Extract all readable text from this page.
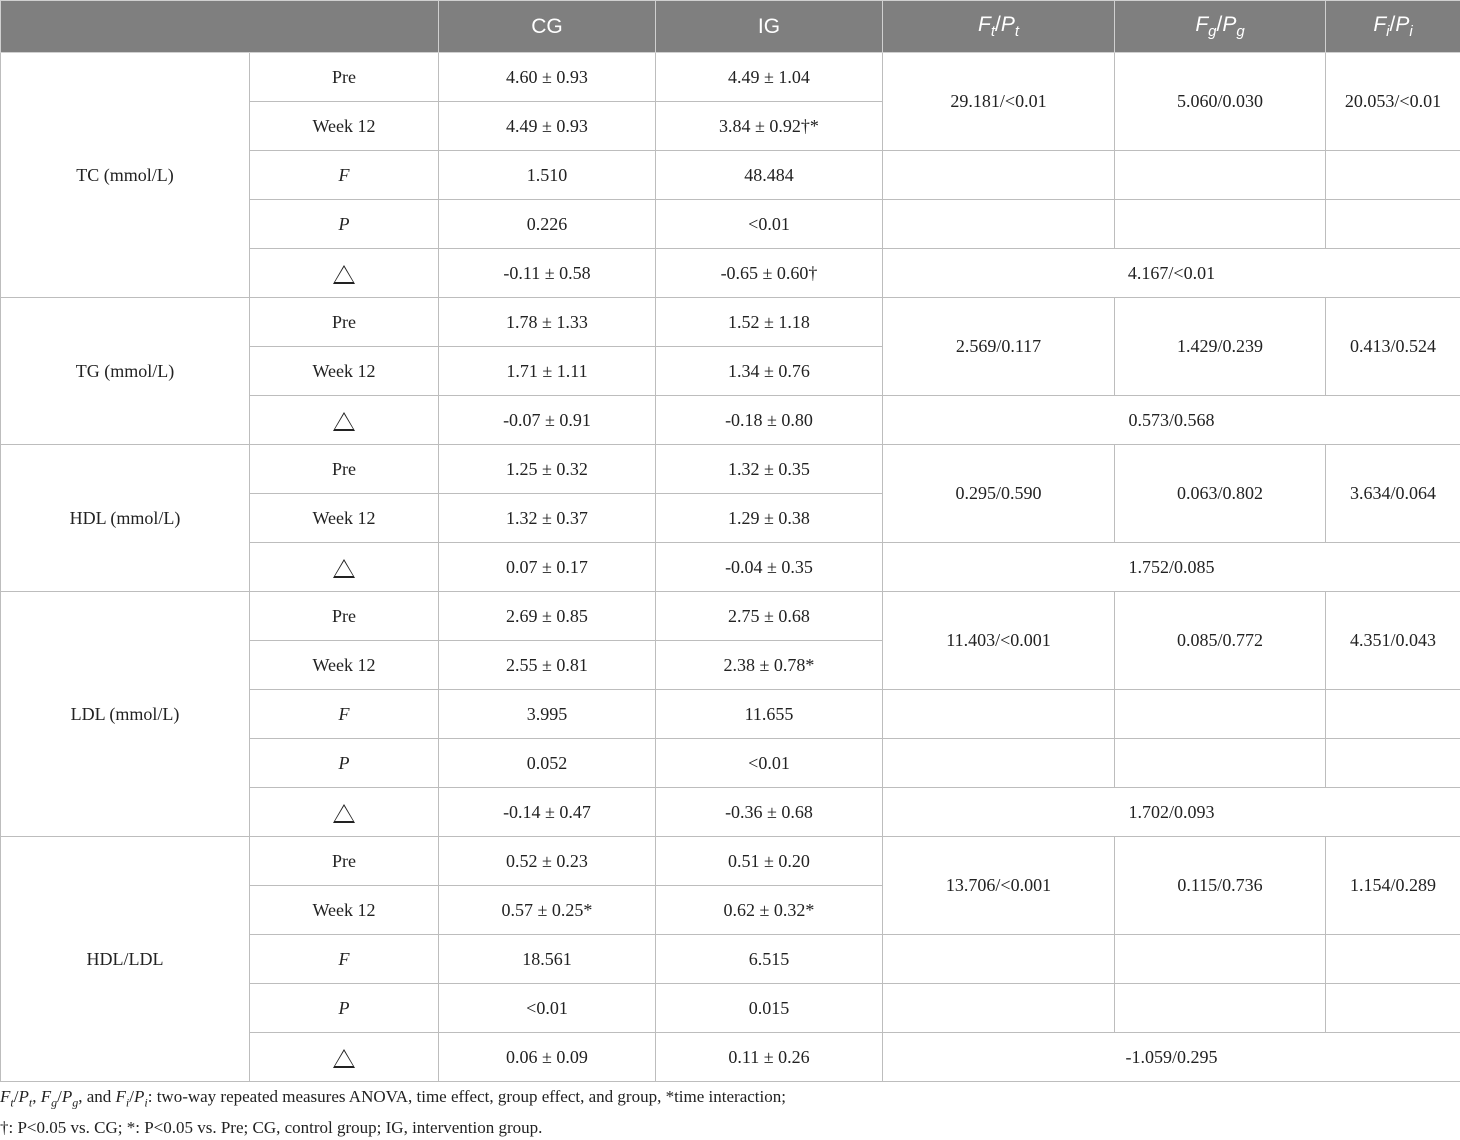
		CG	IG	$F_t/P_t$	$F_g/P_g$	$F_i/P_i$
TC (mmol/L)	Pre	4.60 ± 0.93	4.49 ± 1.04	29.181/<0.01	5.060/0.030	20.053/<0.01
	Week 12	4.49 ± 0.93	3.84 ± 0.92†*			
	F	1.510	48.484			
	P	0.226	<0.01			
		-0.11 ± 0.58	-0.65 ± 0.60†	4.167/<0.01		
TG (mmol/L)	Pre	1.78 ± 1.33	1.52 ± 1.18	2.569/0.117	1.429/0.239	0.413/0.524
	Week 12	1.71 ± 1.11	1.34 ± 0.76			
		-0.07 ± 0.91	-0.18 ± 0.80	0.573/0.568		
HDL (mmol/L)	Pre	1.25 ± 0.32	1.32 ± 0.35	0.295/0.590	0.063/0.802	3.634/0.064
	Week 12	1.32 ± 0.37	1.29 ± 0.38			
		0.07 ± 0.17	-0.04 ± 0.35	1.752/0.085		
LDL (mmol/L)	Pre	2.69 ± 0.85	2.75 ± 0.68	11.403/<0.001	0.085/0.772	4.351/0.043
	Week 12	2.55 ± 0.81	2.38 ± 0.78*			
	F	3.995	11.655			
	P	0.052	<0.01			
		-0.14 ± 0.47	-0.36 ± 0.68	1.702/0.093		
HDL/LDL	Pre	0.52 ± 0.23	0.51 ± 0.20	13.706/<0.001	0.115/0.736	1.154/0.289
	Week 12	0.57 ± 0.25*	0.62 ± 0.32*			
	F	18.561	6.515			
	P	<0.01	0.015			
		0.06 ± 0.09	0.11 ± 0.26	-1.059/0.295		
$F_t/P_t$, $F_g/P_g$, and $F_i/P_i$: two-way repeated measures ANOVA, time effect, group effect, and group, *time interaction;
†: P<0.05 vs. CG; *: P<0.05 vs. Pre; CG, control group; IG, intervention group.
